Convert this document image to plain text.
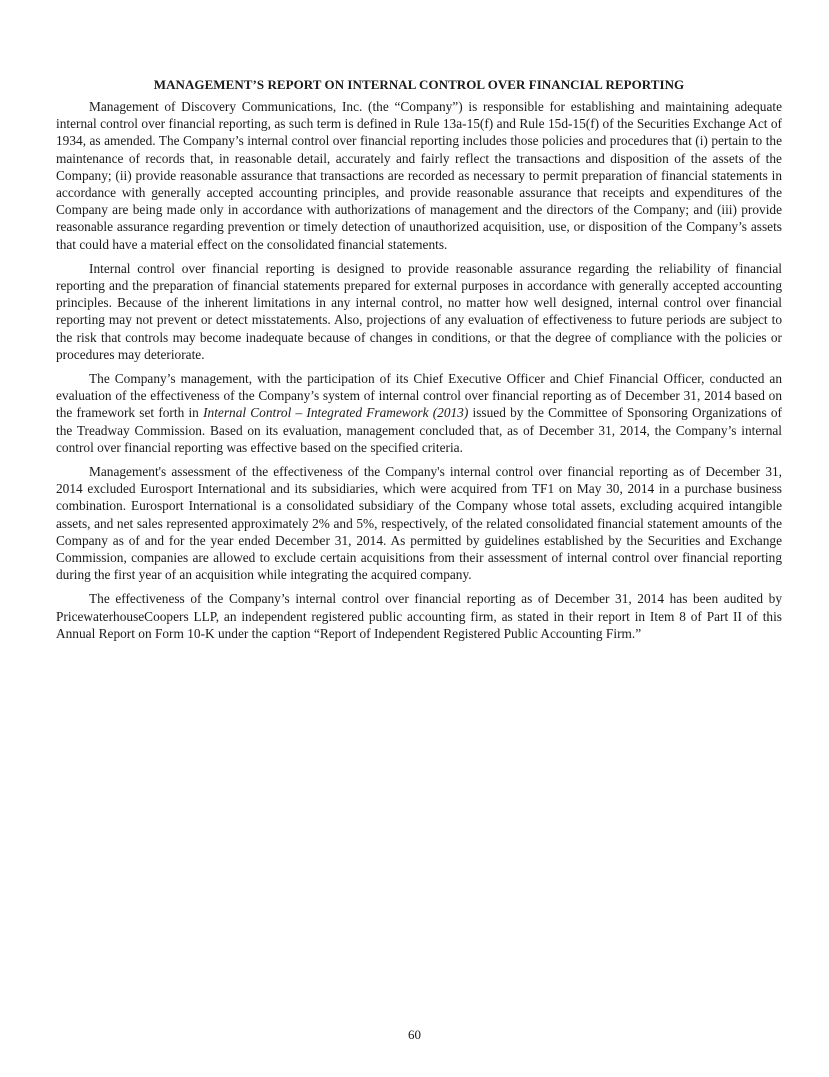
MANAGEMENT’S REPORT ON INTERNAL CONTROL OVER FINANCIAL REPORTING

Management of Discovery Communications, Inc. (the “Company”) is responsible for establishing and maintaining adequate internal control over financial reporting, as such term is defined in Rule 13a-15(f) and Rule 15d-15(f) of the Securities Exchange Act of 1934, as amended. The Company’s internal control over financial reporting includes those policies and procedures that (i) pertain to the maintenance of records that, in reasonable detail, accurately and fairly reflect the transactions and disposition of the assets of the Company; (ii) provide reasonable assurance that transactions are recorded as necessary to permit preparation of financial statements in accordance with generally accepted accounting principles, and provide reasonable assurance that receipts and expenditures of the Company are being made only in accordance with authorizations of management and the directors of the Company; and (iii) provide reasonable assurance regarding prevention or timely detection of unauthorized acquisition, use, or disposition of the Company’s assets that could have a material effect on the consolidated financial statements.

Internal control over financial reporting is designed to provide reasonable assurance regarding the reliability of financial reporting and the preparation of financial statements prepared for external purposes in accordance with generally accepted accounting principles. Because of the inherent limitations in any internal control, no matter how well designed, internal control over financial reporting may not prevent or detect misstatements. Also, projections of any evaluation of effectiveness to future periods are subject to the risk that controls may become inadequate because of changes in conditions, or that the degree of compliance with the policies or procedures may deteriorate.

The Company’s management, with the participation of its Chief Executive Officer and Chief Financial Officer, conducted an evaluation of the effectiveness of the Company’s system of internal control over financial reporting as of December 31, 2014 based on the framework set forth in Internal Control – Integrated Framework (2013) issued by the Committee of Sponsoring Organizations of the Treadway Commission. Based on its evaluation, management concluded that, as of December 31, 2014, the Company’s internal control over financial reporting was effective based on the specified criteria.

Management's assessment of the effectiveness of the Company's internal control over financial reporting as of December 31, 2014 excluded Eurosport International and its subsidiaries, which were acquired from TF1 on May 30, 2014 in a purchase business combination. Eurosport International is a consolidated subsidiary of the Company whose total assets, excluding acquired intangible assets, and net sales represented approximately 2% and 5%, respectively, of the related consolidated financial statement amounts of the Company as of and for the year ended December 31, 2014. As permitted by guidelines established by the Securities and Exchange Commission, companies are allowed to exclude certain acquisitions from their assessment of internal control over financial reporting during the first year of an acquisition while integrating the acquired company.

The effectiveness of the Company’s internal control over financial reporting as of December 31, 2014 has been audited by PricewaterhouseCoopers LLP, an independent registered public accounting firm, as stated in their report in Item 8 of Part II of this Annual Report on Form 10-K under the caption “Report of Independent Registered Public Accounting Firm.”

60
